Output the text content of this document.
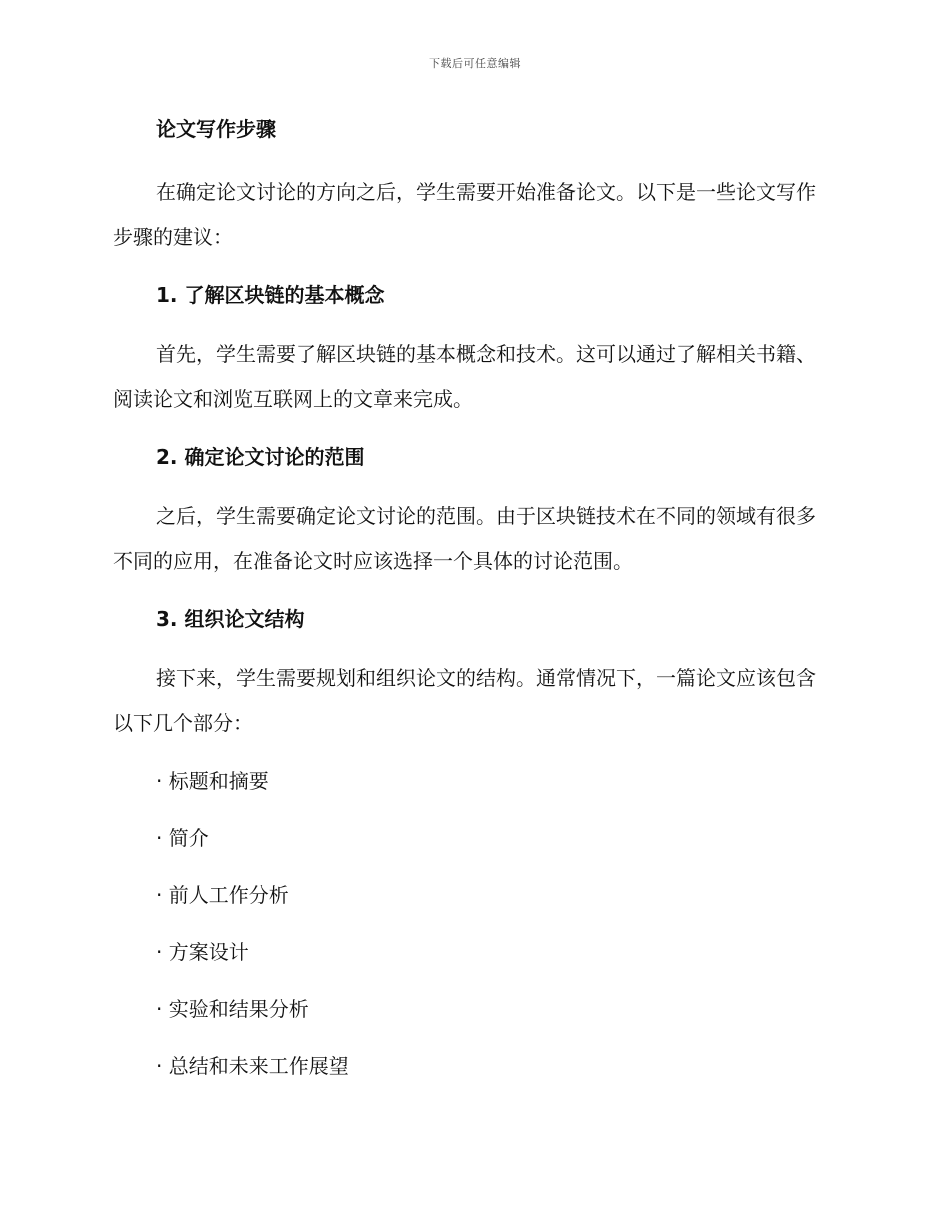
下载后可任意编辑
论文写作步骤

在确定论文讨论的方向之后，学生需要开始准备论文。以下是一些论文写作步骤的建议：

1. 了解区块链的基本概念

首先，学生需要了解区块链的基本概念和技术。这可以通过了解相关书籍、阅读论文和浏览互联网上的文章来完成。

2. 确定论文讨论的范围

之后，学生需要确定论文讨论的范围。由于区块链技术在不同的领域有很多不同的应用，在准备论文时应该选择一个具体的讨论范围。

3. 组织论文结构

接下来，学生需要规划和组织论文的结构。通常情况下，一篇论文应该包含以下几个部分：

· 标题和摘要

· 简介

· 前人工作分析

· 方案设计

· 实验和结果分析

· 总结和未来工作展望
